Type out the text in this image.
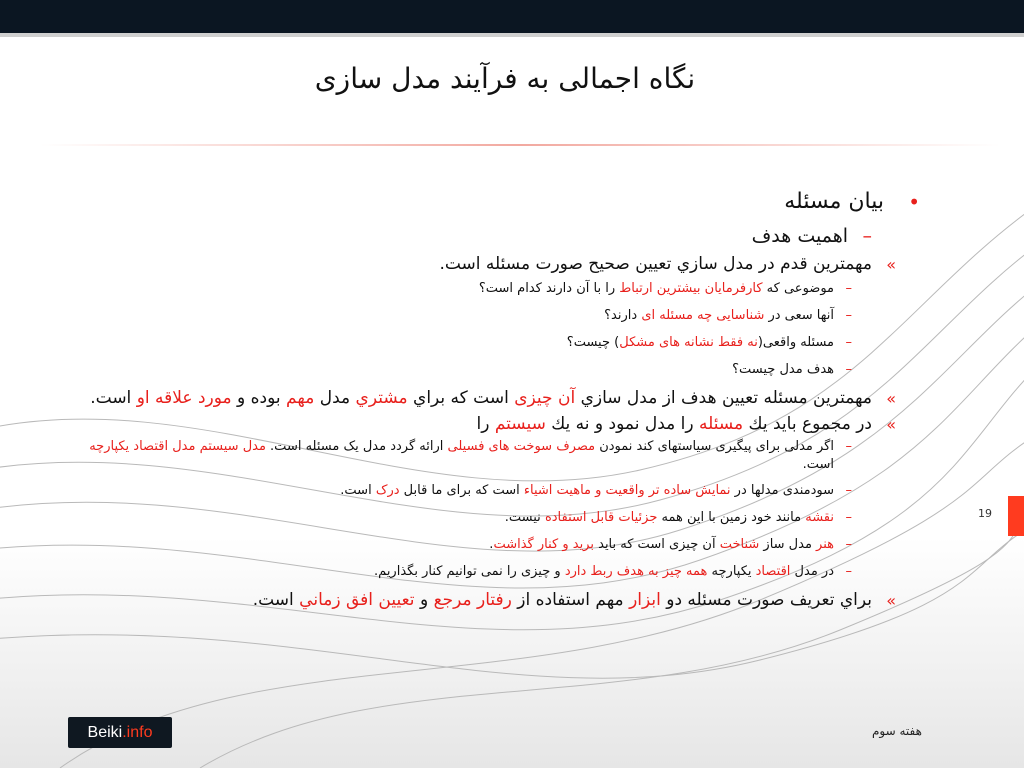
نگاه اجمالی به فرآیند مدل سازی
•
بیان مسئله
–
اهمیت هدف
»
مهمترين قدم در مدل سازي تعيين صحيح صورت مسئله است.
–
موضوعی که کارفرمایان بیشترین ارتباط را با آن دارند کدام است؟
–
آنها سعی در شناسایی چه مسئله ای دارند؟
–
مسئله واقعی(نه فقط نشانه های مشکل) چیست؟
–
هدف مدل چیست؟
»
مهمترين مسئله تعيين هدف از مدل سازي آن چیزی است که براي مشتري مدل مهم بوده و مورد علاقه او است.
»
در مجموع بايد يك مسئله را مدل نمود و نه يك سيستم را
–
اگر مدلی برای پیگیری سیاستهای کند نمودن مصرف سوخت های فسیلی ارائه گردد مدل یک مسئله است. مدل سیستم مدل اقتصاد یکپارچه است.
–
سودمندی مدلها در نمایش ساده تر واقعیت و ماهیت اشیاء است که برای ما قابل درک است.
–
نقشه مانند خود زمین با این همه جزئیات قابل استفاده نیست.
–
هنر مدل ساز شناخت آن چیزی است که باید برید و کنار گذاشت.
–
در مدل اقتصاد یکپارچه همه چیز به هدف ربط دارد و چیزی را نمی توانیم کنار بگذاریم.
»
براي تعريف صورت مسئله دو ابزار مهم استفاده از رفتار مرجع و تعيين افق زماني است.
19
هفته سوم
Beiki.info
